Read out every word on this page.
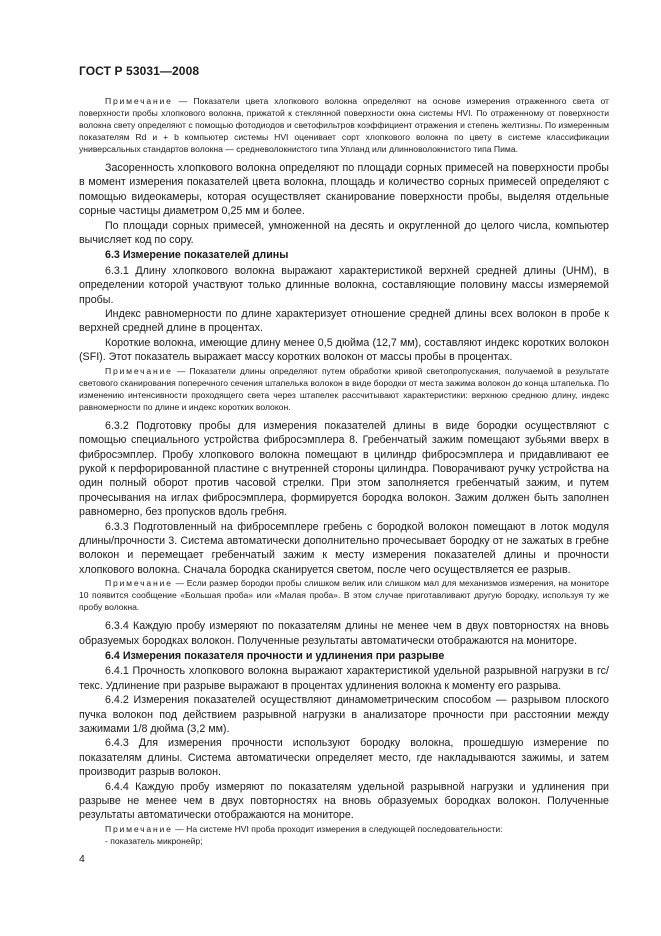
ГОСТ Р 53031—2008

Примечание — Показатели цвета хлопкового волокна определяют на основе измерения отраженного света от поверхности пробы хлопкового волокна, прижатой к стеклянной поверхности окна системы HVI. По отраженному от поверхности волокна свету определяют с помощью фотодиодов и светофильтров коэффициент отражения и степень желтизны. По измеренным показателям Rd и + b компьютер системы HVI оценивает сорт хлопкового волокна по цвету в системе классификации универсальных стандартов волокна — средневолокнистого типа Упланд или длинноволокнистого типа Пима.

Засоренность хлопкового волокна определяют по площади сорных примесей на поверхности пробы в момент измерения показателей цвета волокна, площадь и количество сорных примесей определяют с помощью видеокамеры, которая осуществляет сканирование поверхности пробы, выделяя отдельные сорные частицы диаметром 0,25 мм и более.

По площади сорных примесей, умноженной на десять и округленной до целого числа, компьютер вычисляет код по сору.

6.3 Измерение показателей длины

6.3.1 Длину хлопкового волокна выражают характеристикой верхней средней длины (UHM), в определении которой участвуют только длинные волокна, составляющие половину массы измеряемой пробы.

Индекс равномерности по длине характеризует отношение средней длины всех волокон в пробе к верхней средней длине в процентах.

Короткие волокна, имеющие длину менее 0,5 дюйма (12,7 мм), составляют индекс коротких волокон (SFI). Этот показатель выражает массу коротких волокон от массы пробы в процентах.

Примечание — Показатели длины определяют путем обработки кривой светопропускания, получаемой в результате светового сканирования поперечного сечения штапелька волокон в виде бородки от места зажима волокон до конца штапелька. По изменению интенсивности проходящего света через штапелек рассчитывают характеристики: верхнюю среднюю длину, индекс равномерности по длине и индекс коротких волокон.

6.3.2 Подготовку пробы для измерения показателей длины в виде бородки осуществляют с помощью специального устройства фибросэмплера 8. Гребенчатый зажим помещают зубьями вверх в фибросэмплер. Пробу хлопкового волокна помещают в цилиндр фибросэмплера и придавливают ее рукой к перфорированной пластине с внутренней стороны цилиндра. Поворачивают ручку устройства на один полный оборот против часовой стрелки. При этом заполняется гребенчатый зажим, и путем прочесывания на иглах фибросэмплера, формируется бородка волокон. Зажим должен быть заполнен равномерно, без пропусков вдоль гребня.

6.3.3 Подготовленный на фибросемплере гребень с бородкой волокон помещают в лоток модуля длины/прочности 3. Система автоматически дополнительно прочесывает бородку от не зажатых в гребне волокон и перемещает гребенчатый зажим к месту измерения показателей длины и прочности хлопкового волокна. Сначала бородка сканируется светом, после чего осуществляется ее разрыв.

Примечание — Если размер бородки пробы слишком велик или слишком мал для механизмов измерения, на мониторе 10 появится сообщение «Большая проба» или «Малая проба». В этом случае приготавливают другую бородку, используя ту же пробу волокна.

6.3.4 Каждую пробу измеряют по показателям длины не менее чем в двух повторностях на вновь образуемых бородках волокон. Полученные результаты автоматически отображаются на мониторе.

6.4 Измерения показателя прочности и удлинения при разрыве

6.4.1 Прочность хлопкового волокна выражают характеристикой удельной разрывной нагрузки в гс/текс. Удлинение при разрыве выражают в процентах удлинения волокна к моменту его разрыва.

6.4.2 Измерения показателей осуществляют динамометрическим способом — разрывом плоского пучка волокон под действием разрывной нагрузки в анализаторе прочности при расстоянии между зажимами 1/8 дюйма (3,2 мм).

6.4.3 Для измерения прочности используют бородку волокна, прошедшую измерение по показателям длины. Система автоматически определяет место, где накладываются зажимы, и затем производит разрыв волокон.

6.4.4 Каждую пробу измеряют по показателям удельной разрывной нагрузки и удлинения при разрыве не менее чем в двух повторностях на вновь образуемых бородках волокон. Полученные результаты автоматически отображаются на мониторе.

Примечание — На системе HVI проба проходит измерения в следующей последовательности:

- показатель микронейр;

4
